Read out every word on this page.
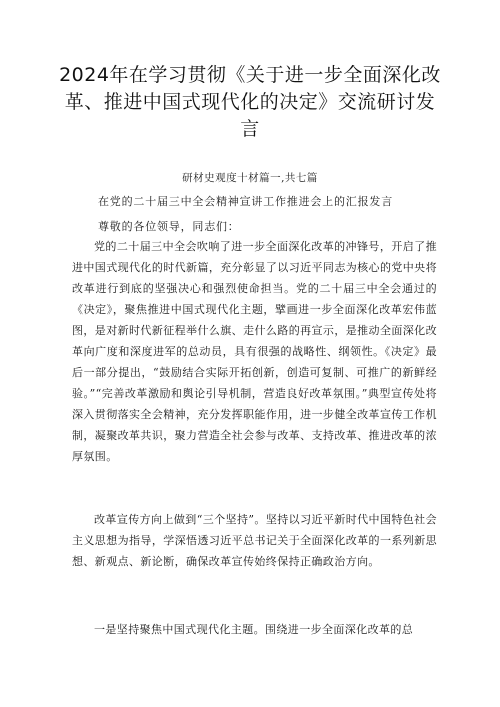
2024年在学习贯彻《关于进一步全面深化改革、推进中国式现代化的决定》交流研讨发言
研材史观度十材篇一,共七篇
在党的二十届三中全会精神宣讲工作推进会上的汇报发言
尊敬的各位领导，同志们：
党的二十届三中全会吹响了进一步全面深化改革的冲锋号，开启了推进中国式现代化的时代新篇，充分彰显了以习近平同志为核心的党中央将改革进行到底的坚强决心和强烈使命担当。党的二十届三中全会通过的《决定》，聚焦推进中国式现代化主题，擘画进一步全面深化改革宏伟蓝图，是对新时代新征程举什么旗、走什么路的再宣示，是推动全面深化改革向广度和深度进军的总动员，具有很强的战略性、纲领性。《决定》最后一部分提出，“鼓励结合实际开拓创新，创造可复制、可推广的新鲜经验。”“完善改革激励和舆论引导机制，营造良好改革氛围。”典型宣传处将深入贯彻落实全会精神，充分发挥职能作用，进一步健全改革宣传工作机制，凝聚改革共识，聚力营造全社会参与改革、支持改革、推进改革的浓厚氛围。
改革宣传方向上做到“三个坚持”。坚持以习近平新时代中国特色社会主义思想为指导，学深悟透习近平总书记关于全面深化改革的一系列新思想、新观点、新论断，确保改革宣传始终保持正确政治方向。
一是坚持聚焦中国式现代化主题。围绕进一步全面深化改革的总
